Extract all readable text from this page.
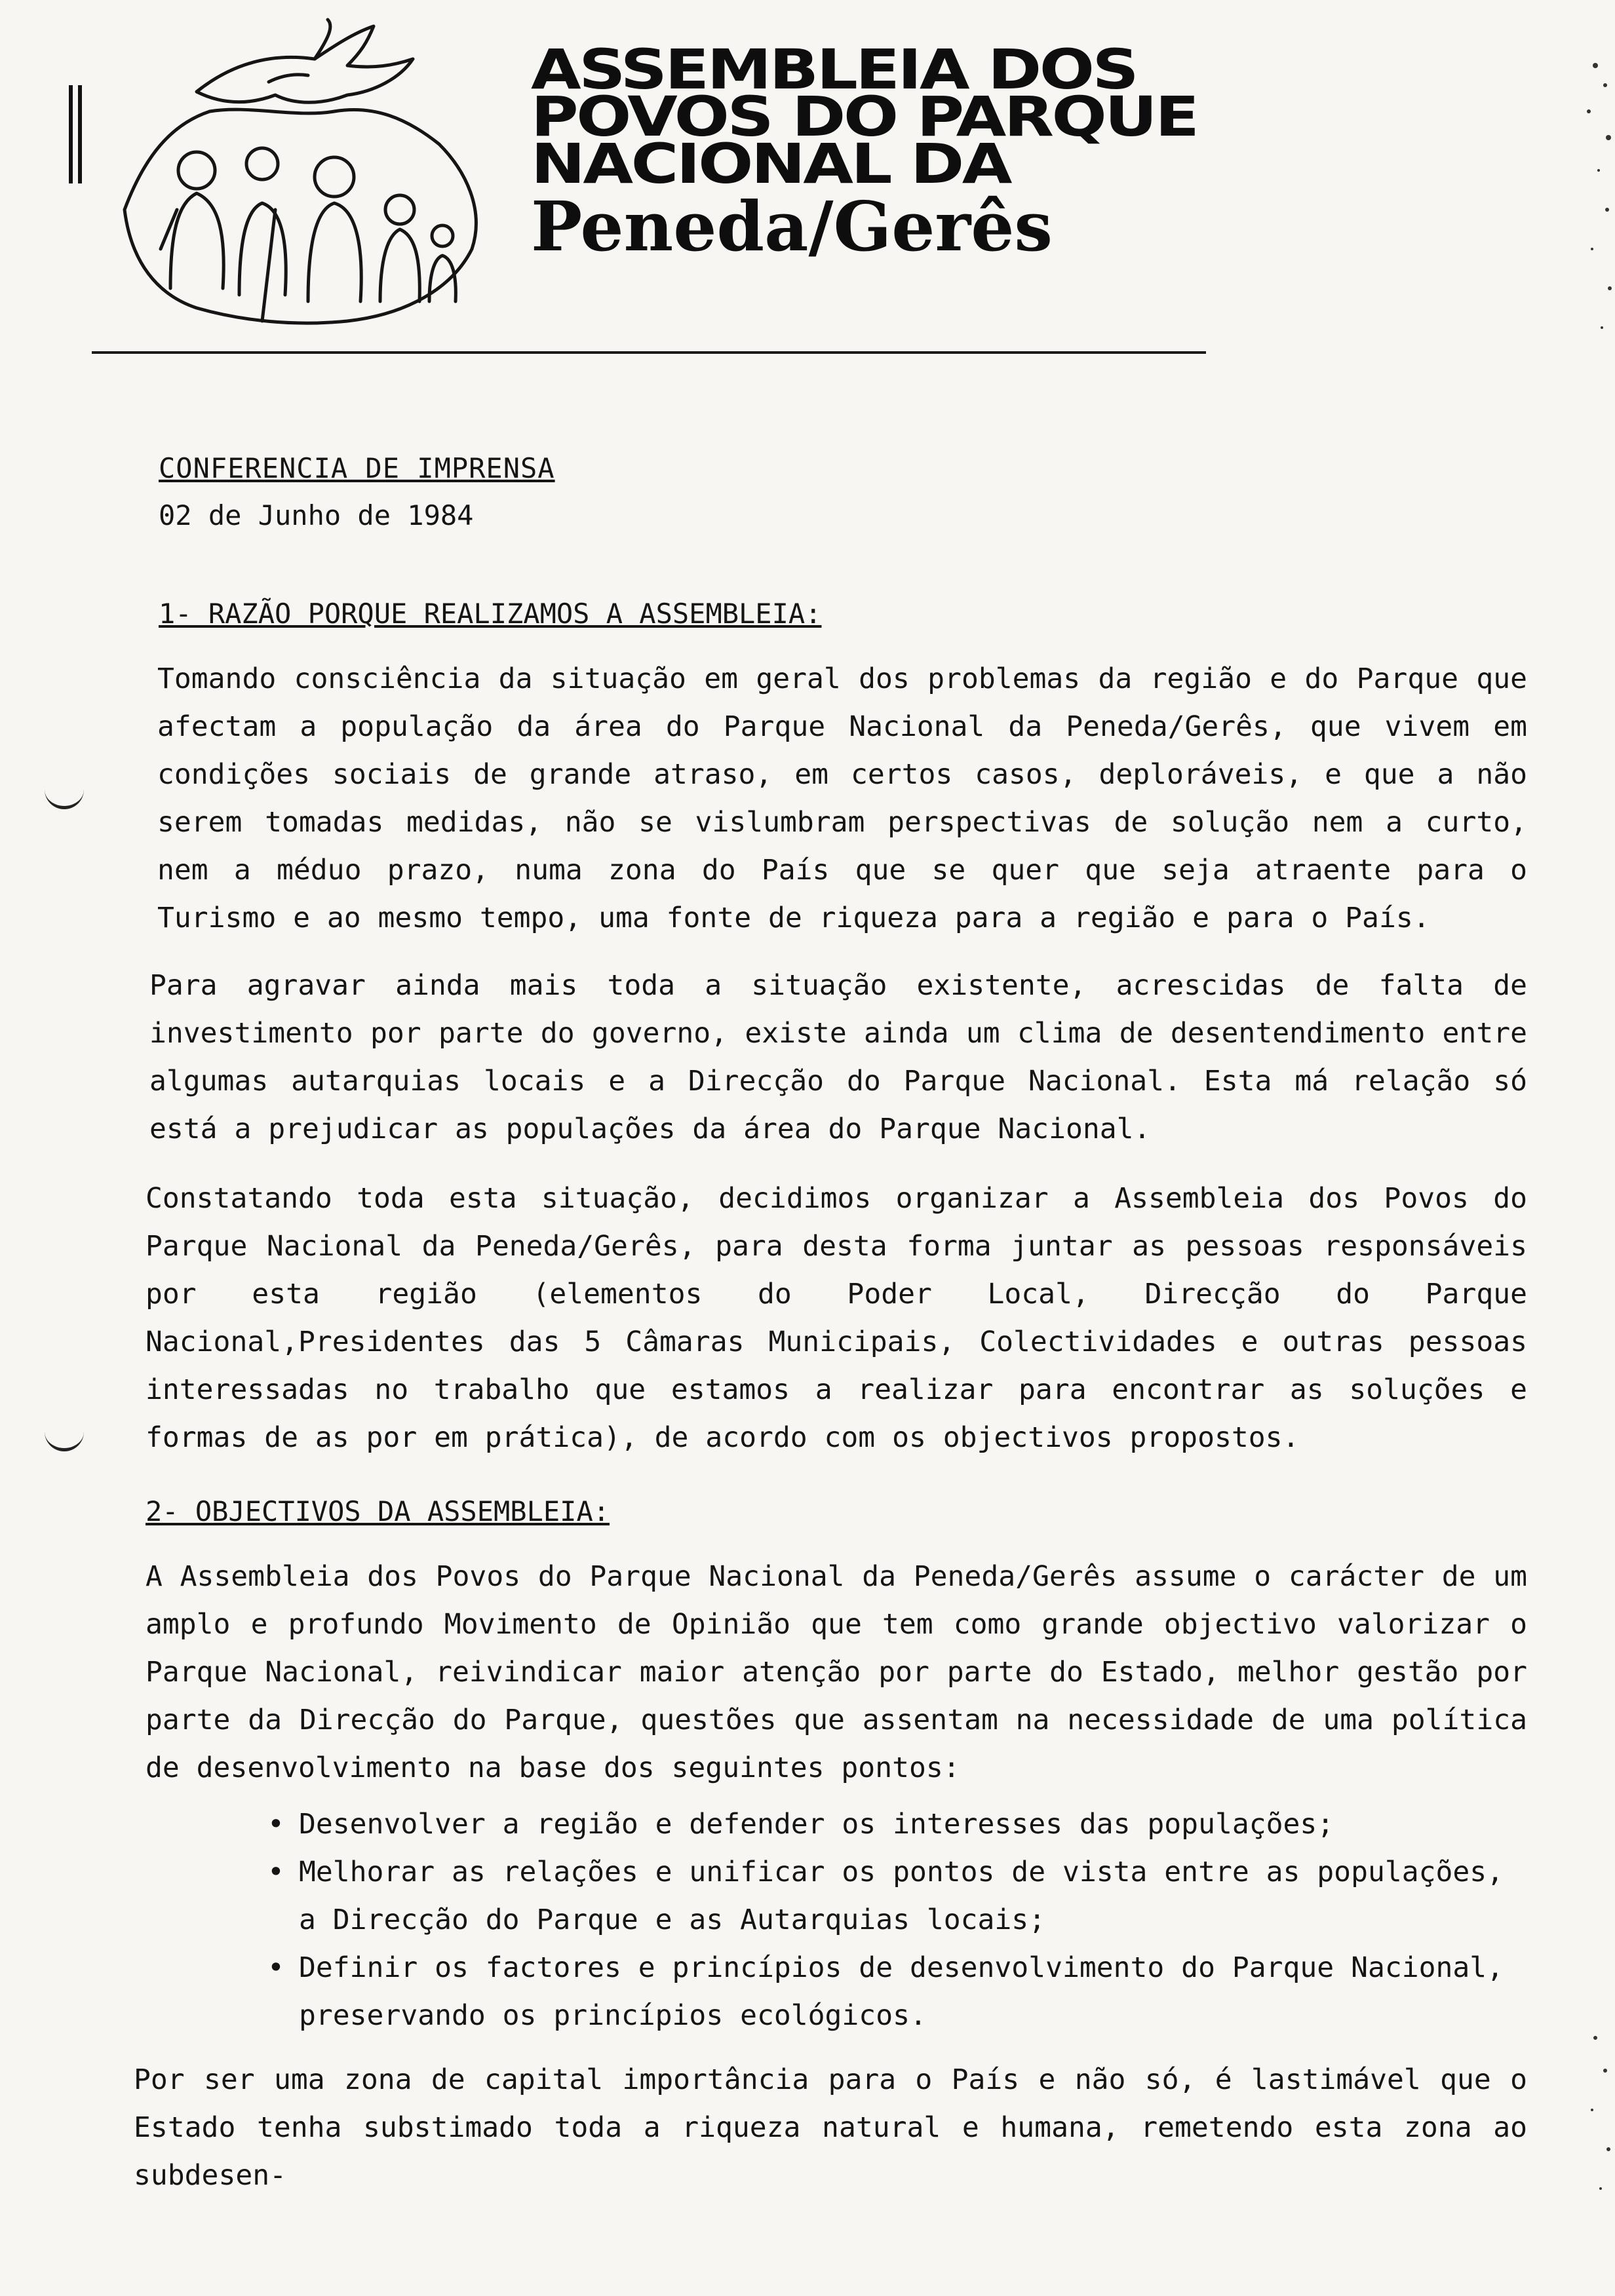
ASSEMBLEIA DOS
POVOS DO PARQUE
NACIONAL DA
Peneda/Gerês
CONFERENCIA DE IMPRENSA
02 de Junho de 1984
1- RAZÃO PORQUE REALIZAMOS A ASSEMBLEIA:

Tomando consciência da situação em geral dos problemas da região e do Parque que afectam a população da área do Parque Nacional da Peneda/Gerês, que vivem em condições sociais de grande atraso, em certos casos, deploráveis, e que a não serem tomadas medidas, não se vislumbram perspectivas de solução nem a curto, nem a méduo prazo, numa zona do País que se quer que seja atraente para o Turismo e ao mesmo tempo, uma fonte de riqueza para a região e para o País.

Para agravar ainda mais toda a situação existente, acrescidas de falta de investimento por parte do governo, existe ainda um clima de desentendimento entre algumas autarquias locais e a Direcção do Parque Nacional. Esta má relação só está a prejudicar as populações da área do Parque Nacional.

Constatando toda esta situação, decidimos organizar a Assembleia dos Povos do Parque Nacional da Peneda/Gerês, para desta forma juntar as pessoas responsáveis por esta região (elementos do Poder Local, Direcção do Parque Nacional,Presidentes das 5 Câmaras Municipais, Colectividades e outras pessoas interessadas no trabalho que estamos a realizar para encontrar as soluções e formas de as por em prática), de acordo com os objectivos propostos.

2- OBJECTIVOS DA ASSEMBLEIA:

A Assembleia dos Povos do Parque Nacional da Peneda/Gerês assume o carácter de um amplo e profundo Movimento de Opinião que tem como grande objectivo valorizar o Parque Nacional, reivindicar maior atenção por parte do Estado, melhor gestão por parte da Direcção do Parque, questões que assentam na necessidade de uma política de desenvolvimento na base dos seguintes pontos:

• Desenvolver a região e defender os interesses das populações;
• Melhorar as relações e unificar os pontos de vista entre as populações, a Direcção do Parque e as Autarquias locais;
• Definir os factores e princípios de desenvolvimento do Parque Nacional, preservando os princípios ecológicos.

Por ser uma zona de capital importância para o País e não só, é lastimável que o Estado tenha substimado toda a riqueza natural e humana, remetendo esta zona ao subdesen-
